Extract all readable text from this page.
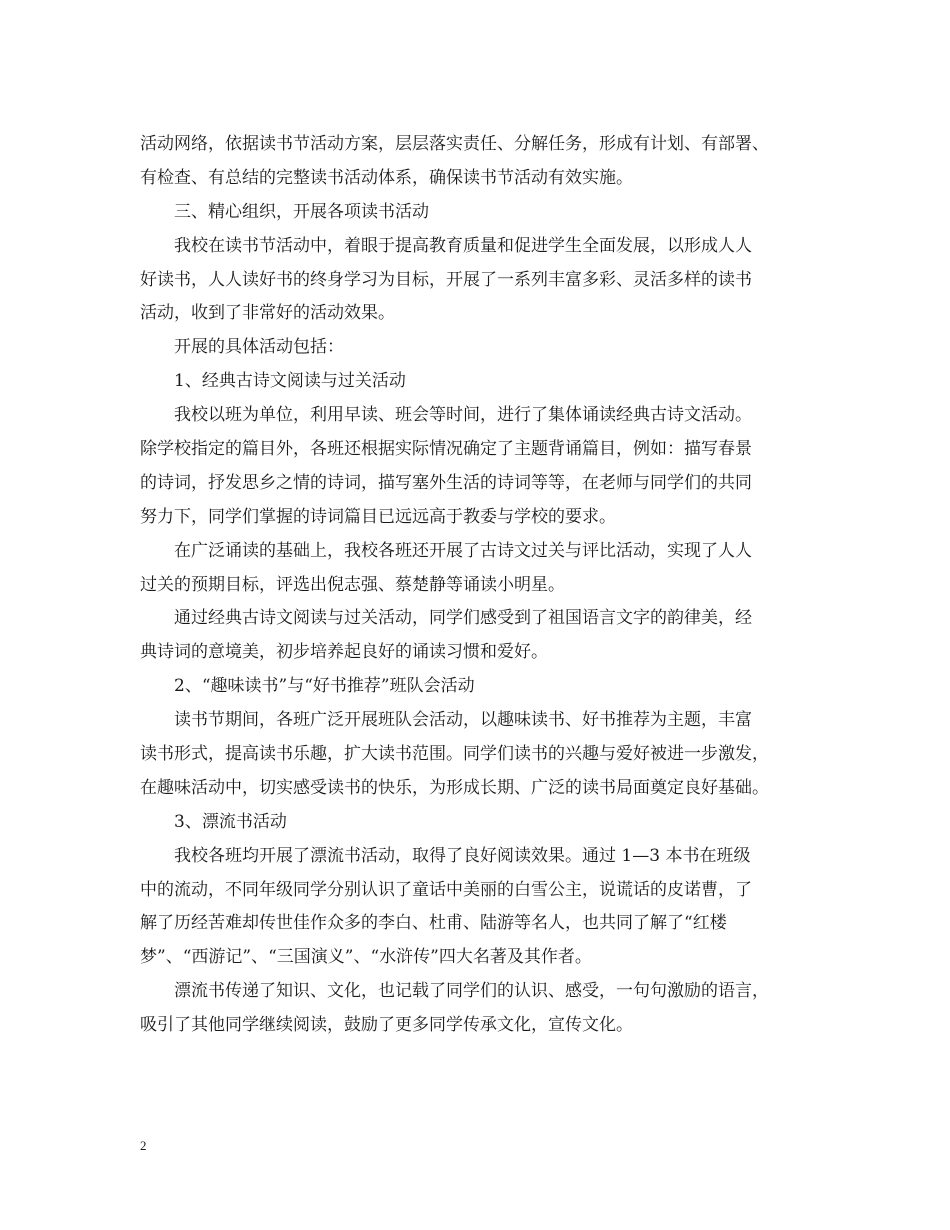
活动网络，依据读书节活动方案，层层落实责任、分解任务，形成有计划、有部署、
有检查、有总结的完整读书活动体系，确保读书节活动有效实施。
三、精心组织，开展各项读书活动
我校在读书节活动中，着眼于提高教育质量和促进学生全面发展，以形成人人
好读书，人人读好书的终身学习为目标，开展了一系列丰富多彩、灵活多样的读书
活动，收到了非常好的活动效果。
开展的具体活动包括：
1、经典古诗文阅读与过关活动
我校以班为单位，利用早读、班会等时间，进行了集体诵读经典古诗文活动。
除学校指定的篇目外，各班还根据实际情况确定了主题背诵篇目，例如：描写春景
的诗词，抒发思乡之情的诗词，描写塞外生活的诗词等等，在老师与同学们的共同
努力下，同学们掌握的诗词篇目已远远高于教委与学校的要求。
在广泛诵读的基础上，我校各班还开展了古诗文过关与评比活动，实现了人人
过关的预期目标，评选出倪志强、蔡楚静等诵读小明星。
通过经典古诗文阅读与过关活动，同学们感受到了祖国语言文字的韵律美，经
典诗词的意境美，初步培养起良好的诵读习惯和爱好。
2、“趣味读书”与“好书推荐”班队会活动
读书节期间，各班广泛开展班队会活动，以趣味读书、好书推荐为主题，丰富
读书形式，提高读书乐趣，扩大读书范围。同学们读书的兴趣与爱好被进一步激发，
在趣味活动中，切实感受读书的快乐，为形成长期、广泛的读书局面奠定良好基础。
3、漂流书活动
我校各班均开展了漂流书活动，取得了良好阅读效果。通过 1—3 本书在班级
中的流动，不同年级同学分别认识了童话中美丽的白雪公主，说谎话的皮诺曹，了
解了历经苦难却传世佳作众多的李白、杜甫、陆游等名人，也共同了解了“红楼
梦”、“西游记”、“三国演义”、“水浒传”四大名著及其作者。
漂流书传递了知识、文化，也记载了同学们的认识、感受，一句句激励的语言，
吸引了其他同学继续阅读，鼓励了更多同学传承文化，宣传文化。
2
